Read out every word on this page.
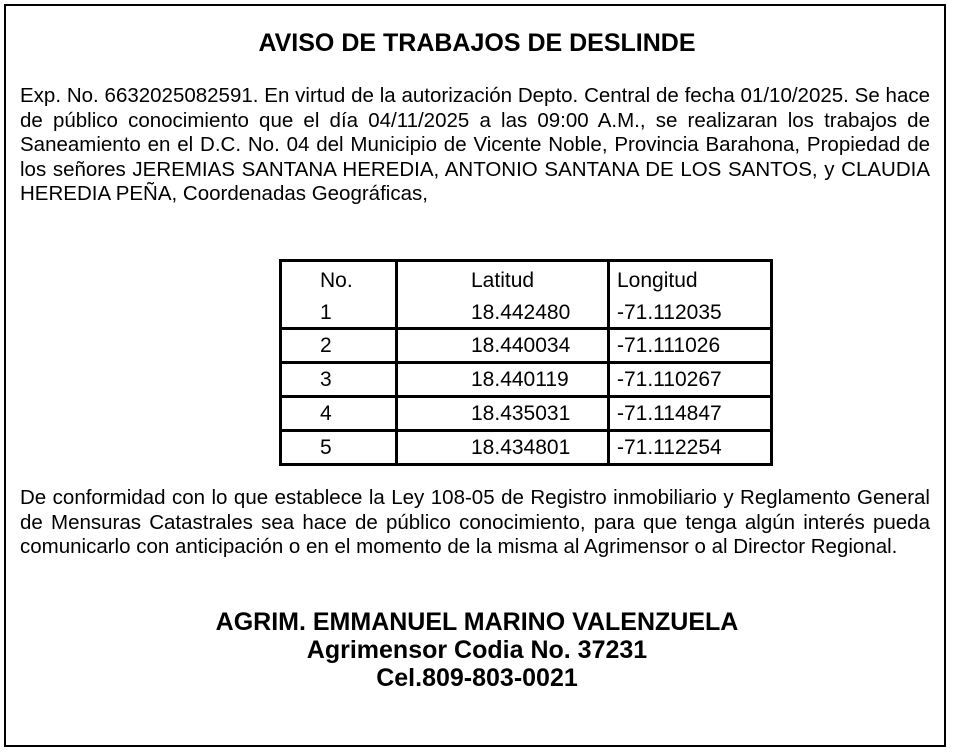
AVISO DE TRABAJOS DE DESLINDE
Exp. No. 6632025082591. En virtud de la autorización Depto. Central de fecha 01/10/2025. Se hace de público conocimiento que el día 04/11/2025 a las 09:00 A.M., se realizaran los trabajos de Saneamiento en el D.C. No. 04 del Municipio de Vicente Noble, Provincia Barahona, Propiedad de los señores JEREMIAS SANTANA HEREDIA, ANTONIO SANTANA DE LOS SANTOS, y CLAUDIA HEREDIA PEÑA, Coordenadas Geográficas,
No.	Latitud	Longitud
1	18.442480	-71.112035
2	18.440034	-71.111026
3	18.440119	-71.110267
4	18.435031	-71.114847
5	18.434801	-71.112254
De conformidad con lo que establece la Ley 108-05 de Registro inmobiliario y Reglamento General de Mensuras Catastrales sea hace de público conocimiento, para que tenga algún interés pueda comunicarlo con anticipación o en el momento de la misma al Agrimensor o al Director Regional.
AGRIM. EMMANUEL MARINO VALENZUELA
Agrimensor Codia No. 37231
Cel.809-803-0021
